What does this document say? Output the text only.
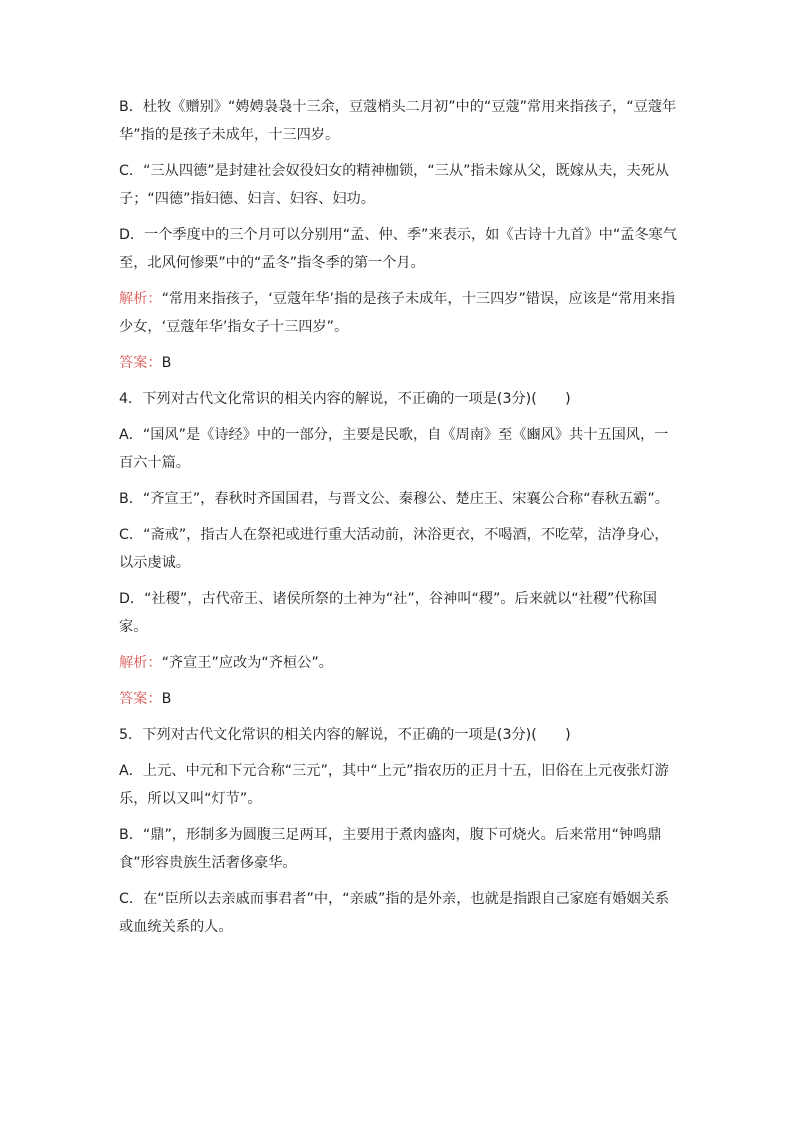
B．杜牧《赠别》“娉娉袅袅十三余，豆蔻梢头二月初”中的“豆蔻”常用来指孩子，“豆蔻年华”指的是孩子未成年，十三四岁。

C．“三从四德”是封建社会奴役妇女的精神枷锁，“三从”指未嫁从父，既嫁从夫，夫死从子；“四德”指妇德、妇言、妇容、妇功。

D．一个季度中的三个月可以分别用“孟、仲、季”来表示，如《古诗十九首》中“孟冬寒气至，北风何惨栗”中的“孟冬”指冬季的第一个月。

解析：“常用来指孩子，‘豆蔻年华’指的是孩子未成年，十三四岁”错误，应该是“常用来指少女，‘豆蔻年华’指女子十三四岁”。

答案：B

4．下列对古代文化常识的相关内容的解说，不正确的一项是(3分)(　　)

A．“国风”是《诗经》中的一部分，主要是民歌，自《周南》至《豳风》共十五国风，一百六十篇。

B．“齐宣王”，春秋时齐国国君，与晋文公、秦穆公、楚庄王、宋襄公合称“春秋五霸”。

C．“斋戒”，指古人在祭祀或进行重大活动前，沐浴更衣，不喝酒，不吃荤，洁净身心，以示虔诚。

D．“社稷”，古代帝王、诸侯所祭的土神为“社”，谷神叫“稷”。后来就以“社稷”代称国家。

解析：“齐宣王”应改为“齐桓公”。

答案：B

5．下列对古代文化常识的相关内容的解说，不正确的一项是(3分)(　　)

A．上元、中元和下元合称“三元”，其中“上元”指农历的正月十五，旧俗在上元夜张灯游乐，所以又叫“灯节”。

B．“鼎”，形制多为圆腹三足两耳，主要用于煮肉盛肉，腹下可烧火。后来常用“钟鸣鼎食”形容贵族生活奢侈豪华。

C．在“臣所以去亲戚而事君者”中，“亲戚”指的是外亲，也就是指跟自己家庭有婚姻关系或血统关系的人。
